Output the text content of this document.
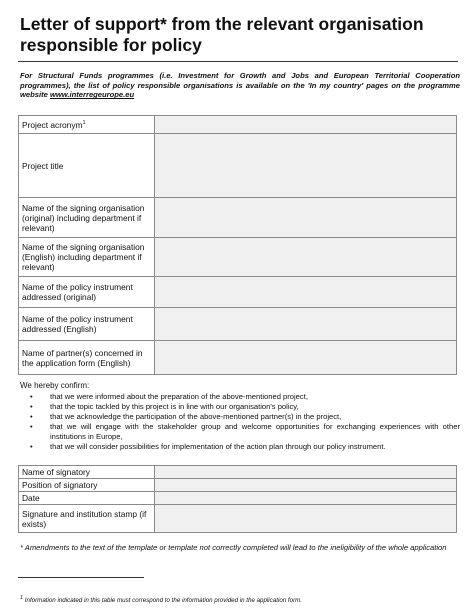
Letter of support* from the relevant organisation responsible for policy
For Structural Funds programmes (i.e. Investment for Growth and Jobs and European Territorial Cooperation programmes), the list of policy responsible organisations is available on the 'In my country' pages on the programme website www.interregeurope.eu
Project acronym$^1$	
Project title	
Name of the signing organisation (original) including department if relevant)	
Name of the signing organisation (English) including department if relevant)	
Name of the policy instrument addressed (original)	
Name of the policy instrument addressed (English)	
Name of partner(s) concerned in the application form (English)	
We hereby confirm:
• that we were informed about the preparation of the above-mentioned project,
• that the topic tackled by this project is in line with our organisation's policy,
• that we acknowledge the participation of the above-mentioned partner(s) in the project,
• that we will engage with the stakeholder group and welcome opportunities for exchanging experiences with other institutions in Europe,
• that we will consider possibilities for implementation of the action plan through our policy instrument.
Name of signatory	
Position of signatory	
Date	
Signature and institution stamp (if exists)	
* Amendments to the text of the template or template not correctly completed will lead to the ineligibility of the whole application
$^1$ Information indicated in this table must correspond to the information provided in the application form.
